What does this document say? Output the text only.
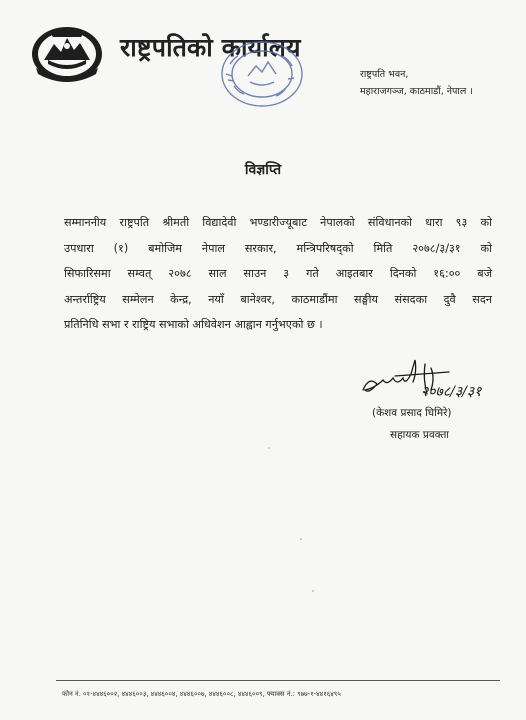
राष्ट्रपतिको कार्यालय
राष्ट्रपति भवन,
महाराजगञ्ज, काठमाडौं, नेपाल ।
विज्ञप्ति
सम्माननीय राष्ट्रपति श्रीमती विद्यादेवी भण्डारीज्यूबाट नेपालको संविधानको धारा ९३ को
उपधारा (१) बमोजिम नेपाल सरकार, मन्त्रिपरिषद्को मिति २०७८/३/३१ को
सिफारिसमा सम्वत् २०७८ साल साउन ३ गते आइतबार दिनको १६:०० बजे
अन्तर्राष्ट्रिय सम्मेलन केन्द्र, नयाँ बानेश्वर, काठमाडौंमा सङ्घीय संसदका दुवै सदन
प्रतिनिधि सभा र राष्ट्रिय सभाको अधिवेशन आह्वान गर्नुभएको छ ।
२०७८/३/३१
(केशव प्रसाद घिमिरे)
सहायक प्रवक्ता
फोन नं. ०१-४४४६००२, ४४४६००३, ४४४६००४, ४४४६००७, ४४४६००८, ४४४६००९, फ्याक्स नं.: ९७७-१-४४१६४९५
